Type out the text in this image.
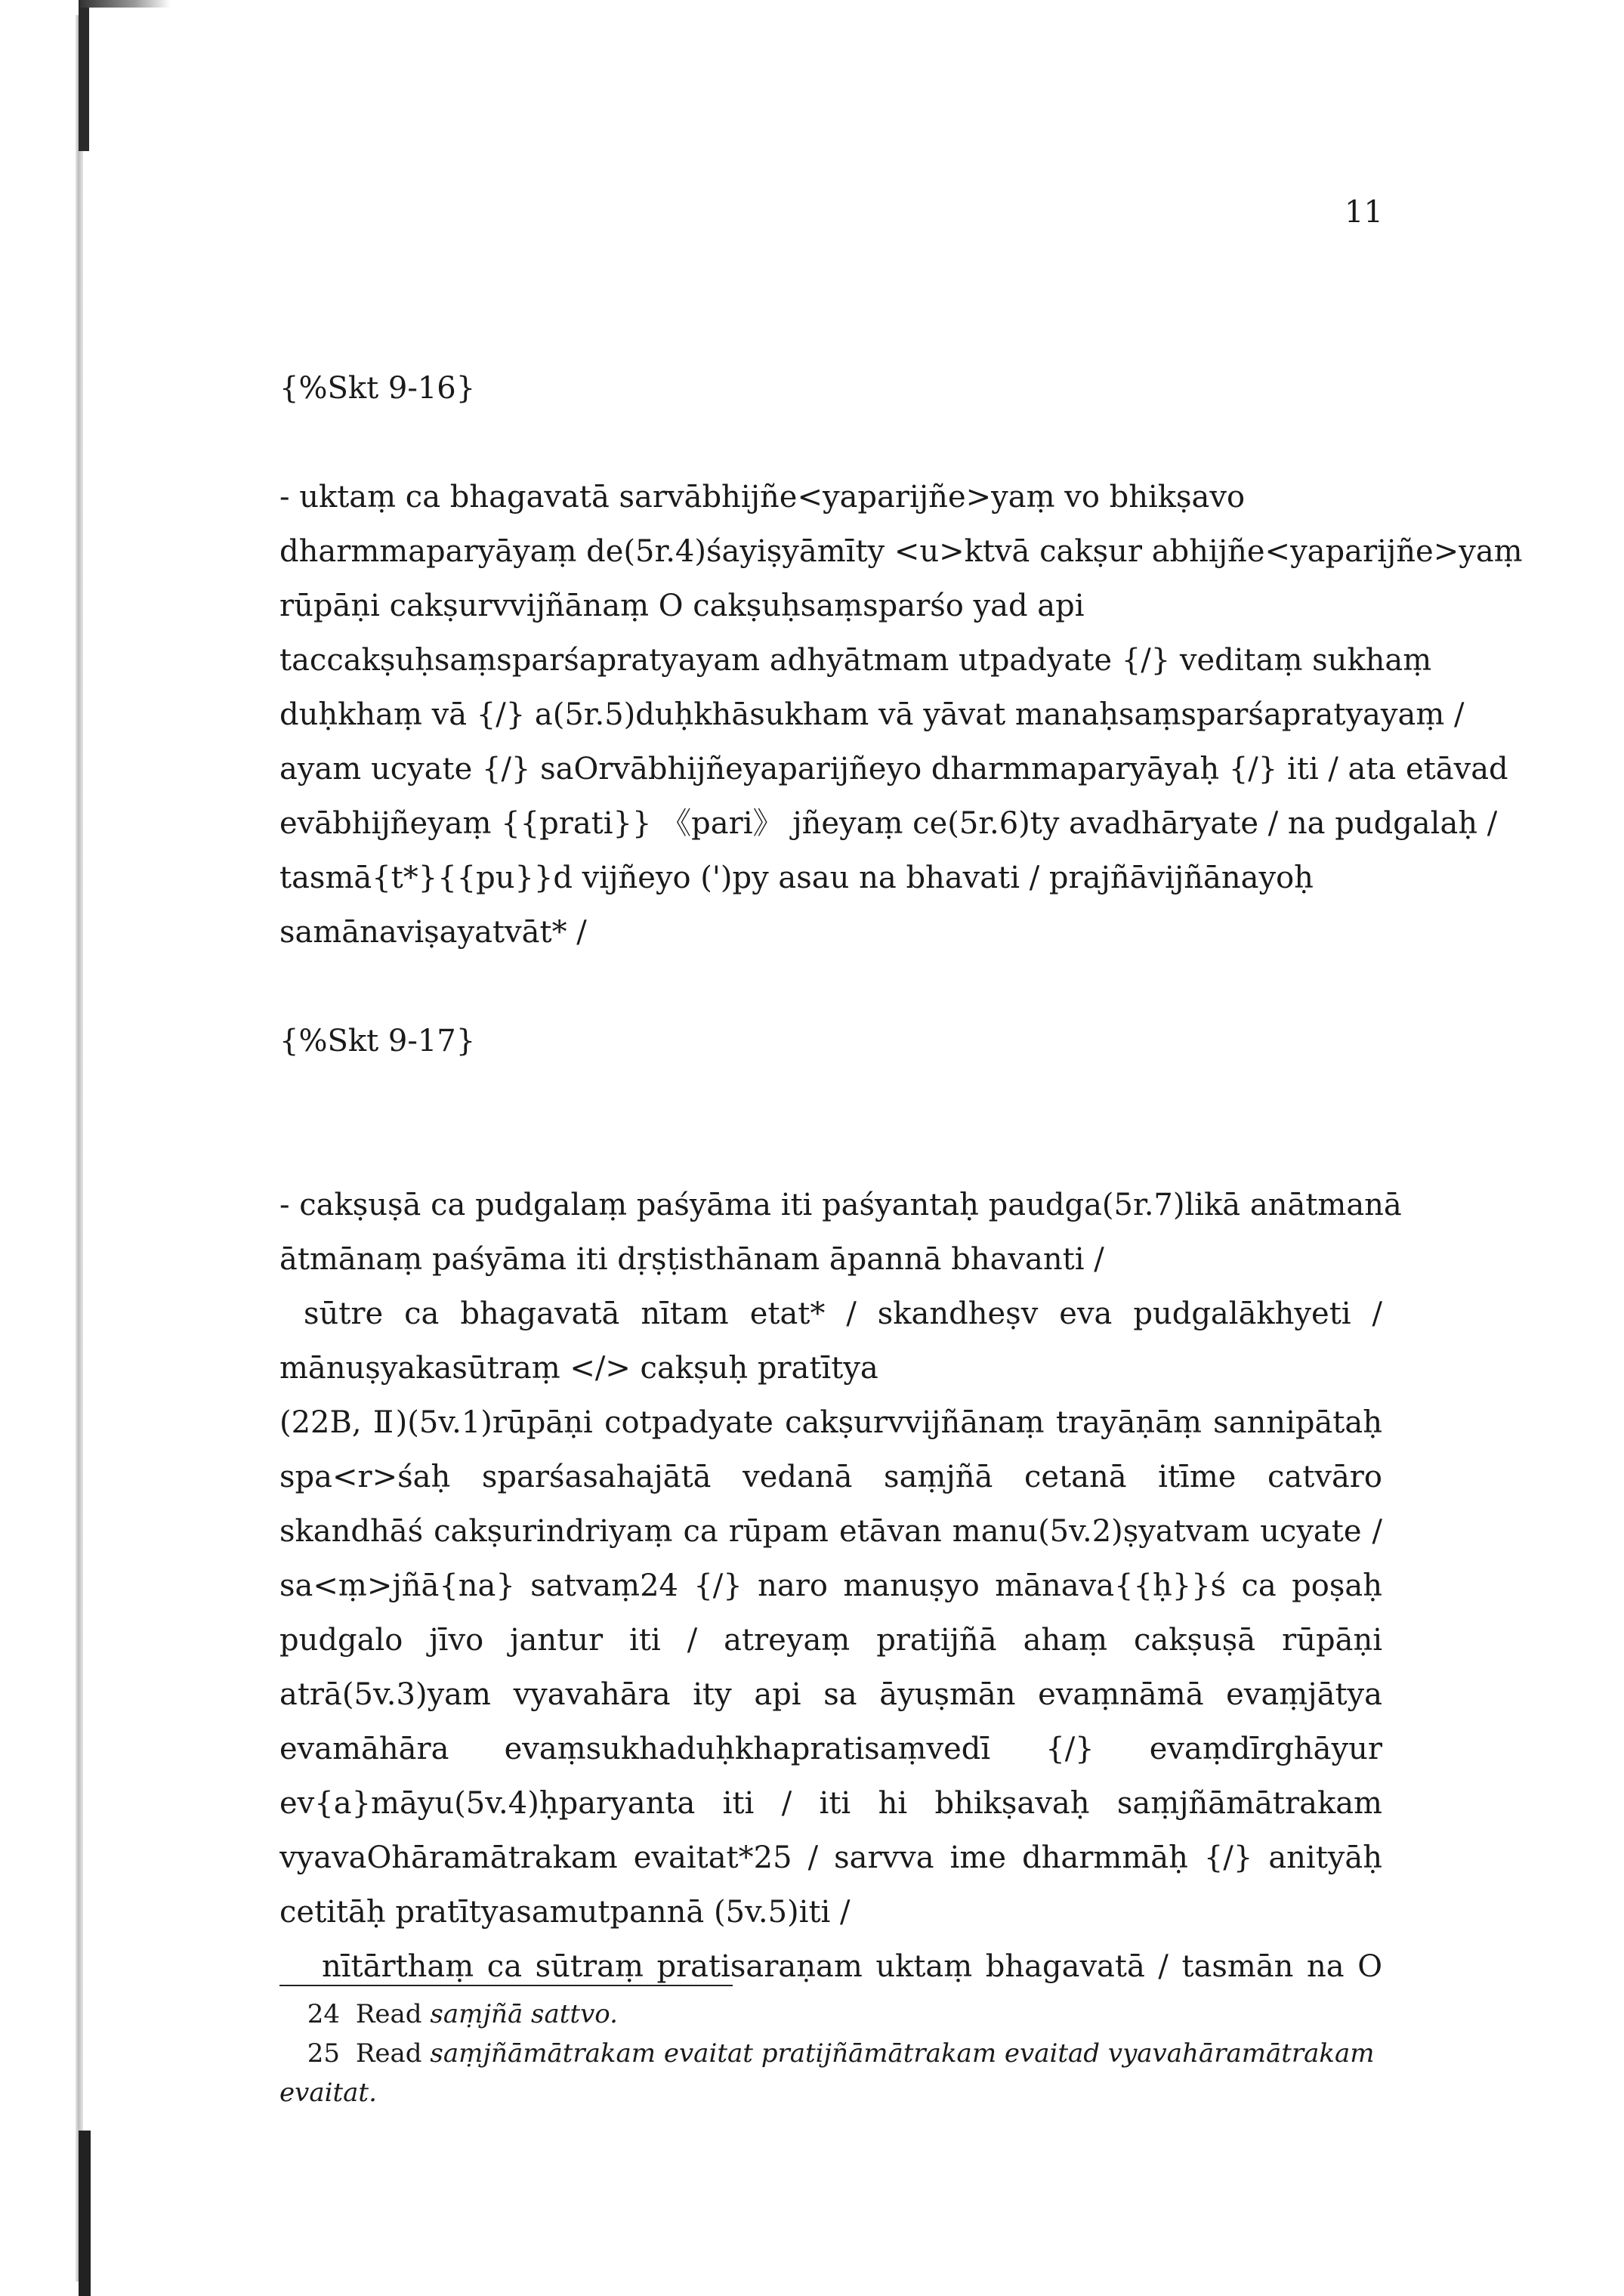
11
{%Skt 9-16}
- uktaṃ ca bhagavatā sarvābhijñe<yaparijñe>yaṃ vo bhikṣavo
dharmmaparyāyaṃ de(5r.4)śayiṣyāmīty <u>ktvā cakṣur abhijñe<yaparijñe>yaṃ
rūpāṇi cakṣurvvijñānaṃ O cakṣuḥsaṃsparśo yad api
taccakṣuḥsaṃsparśapratyayam adhyātmam utpadyate {/} veditaṃ sukhaṃ
duḥkhaṃ vā {/} a(5r.5)duḥkhāsukham vā yāvat manaḥsaṃsparśapratyayaṃ /
ayam ucyate {/} saOrvābhijñeyaparijñeyo dharmmaparyāyaḥ {/} iti / ata etāvad
evābhijñeyaṃ {{prati}} 《pari》 jñeyaṃ ce(5r.6)ty avadhāryate / na pudgalaḥ /
tasmā{t*}{{pu}}d vijñeyo (')py asau na bhavati / prajñāvijñānayoḥ
samānaviṣayatvāt* /
{%Skt 9-17}
- cakṣuṣā ca pudgalaṃ paśyāma iti paśyantaḥ paudga(5r.7)likā anātmanā
ātmānaṃ paśyāma iti dṛṣṭisthānam āpannā bhavanti /
sūtre ca bhagavatā nītam etat* / skandheṣv eva pudgalākhyeti /
mānuṣyakasūtraṃ </> cakṣuḥ pratītya
(22B, Ⅱ)(5v.1)rūpāṇi cotpadyate cakṣurvvijñānaṃ trayāṇāṃ sannipātaḥ
spa<r>śaḥ sparśasahajātā vedanā saṃjñā cetanā itīme catvāro
skandhāś cakṣurindriyaṃ ca rūpam etāvan manu(5v.2)ṣyatvam ucyate /
sa<ṃ>jñā{na} satvaṃ24 {/} naro manuṣyo mānava{{ḥ}}ś ca poṣaḥ
pudgalo jīvo jantur iti / atreyaṃ pratijñā ahaṃ cakṣuṣā rūpāṇi
atrā(5v.3)yam vyavahāra ity api sa āyuṣmān evaṃnāmā evaṃjātya
evamāhāra evaṃsukhaduḥkhapratisaṃvedī {/} evaṃdīrghāyur
ev{a}māyu(5v.4)ḥparyanta iti / iti hi bhikṣavaḥ saṃjñāmātrakam
vyavaOhāramātrakam evaitat*25 / sarvva ime dharmmāḥ {/} anityāḥ
cetitāḥ pratītyasamutpannā (5v.5)iti /
nītārthaṃ ca sūtraṃ pratisaraṇam uktaṃ bhagavatā / tasmān na O
24 Read saṃjñā sattvo.
25 Read saṃjñāmātrakam evaitat pratijñāmātrakam evaitad vyavahāramātrakam
evaitat.
